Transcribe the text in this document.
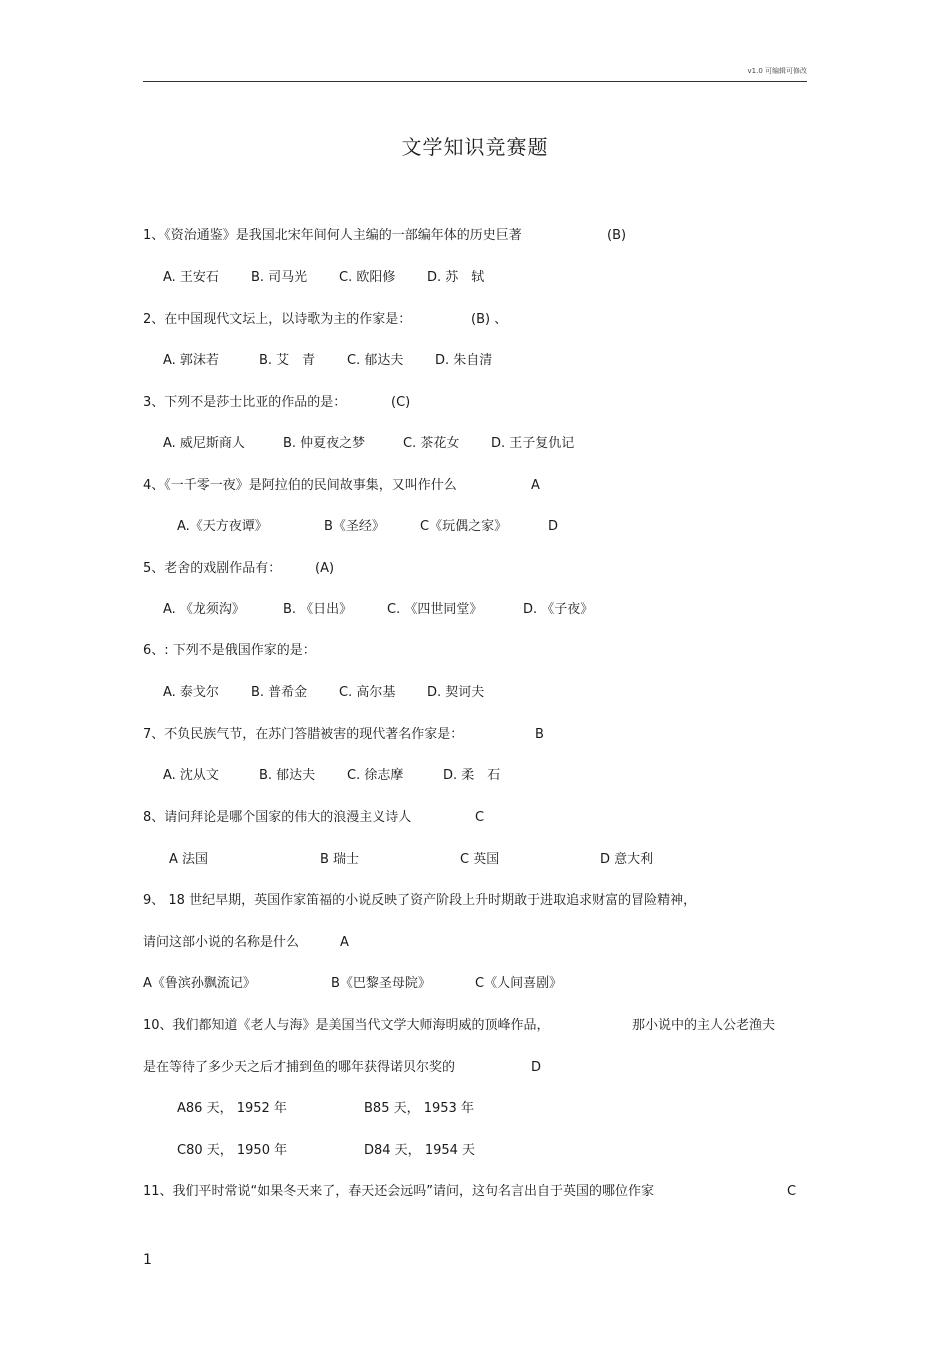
v1.0 可编辑可修改
文学知识竞赛题
1、《资治通鉴》是我国北宋年间何人主编的一部编年体的历史巨著	(B)
A. 王安石 B. 司马光 C. 欧阳修 D. 苏　轼
2、在中国现代文坛上，以诗歌为主的作家是：	(B) 、
A. 郭沫若	B. 艾　青 C. 郁达夫 D. 朱自清
3、下列不是莎士比亚的作品的是：	(C)
A. 威尼斯商人	B. 仲夏夜之梦	C. 茶花女 D. 王子复仇记
4、《一千零一夜》是阿拉伯的民间故事集，又叫作什么	A
A.《天方夜谭》	B《圣经》	C《玩偶之家》	D
5、老舍的戏剧作品有：	(A)
A. 《龙须沟》	B. 《日出》	C. 《四世同堂》	D. 《子夜》
6、: 下列不是俄国作家的是：
A. 泰戈尔 B. 普希金 C. 高尔基 D. 契诃夫
7、不负民族气节，在苏门答腊被害的现代著名作家是：	B
A. 沈从文	B. 郁达夫 C. 徐志摩	D. 柔　石
8、请问拜论是哪个国家的伟大的浪漫主义诗人	C
A 法国	B 瑞士	C 英国	D 意大利
9、 18 世纪早期，英国作家笛福的小说反映了资产阶段上升时期敢于进取追求财富的冒险精神，
请问这部小说的名称是什么	A
A《鲁滨孙飘流记》	B《巴黎圣母院》	C《人间喜剧》
10、我们都知道《老人与海》是美国当代文学大师海明威的顶峰作品，	那小说中的主人公老渔夫
是在等待了多少天之后才捕到鱼的哪年获得诺贝尔奖的	D
A86 天， 1952 年	B85 天， 1953 年
C80 天， 1950 年	D84 天， 1954 天
11、我们平时常说“如果冬天来了，春天还会远吗”请问，这句名言出自于英国的哪位作家	C
1
